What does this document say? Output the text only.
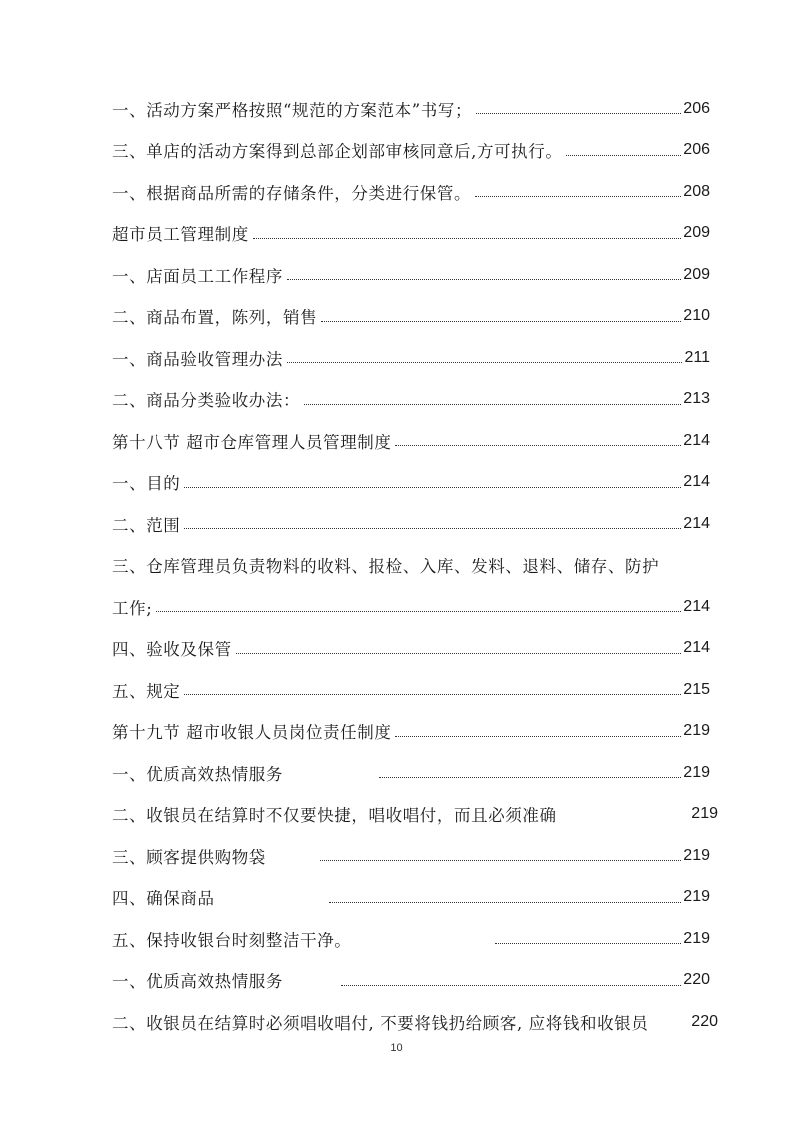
一、活动方案严格按照“规范的方案范本”书写；	206
三、单店的活动方案得到总部企划部审核同意后,方可执行。	206
一、根据商品所需的存储条件，分类进行保管。	208
超市员工管理制度	209
一、店面员工工作程序	209
二、商品布置，陈列，销售	210
一、商品验收管理办法	211
二、商品分类验收办法：	213
第十八节 超市仓库管理人员管理制度	214
一、目的	214
二、范围	214
三、仓库管理员负责物料的收料、报检、入库、发料、退料、储存、防护
工作;	214
四、验收及保管	214
五、规定	215
第十九节 超市收银人员岗位责任制度	219
一、优质高效热情服务	219
二、收银员在结算时不仅要快捷，唱收唱付，而且必须准确	219
三、顾客提供购物袋	219
四、确保商品	219
五、保持收银台时刻整洁干净。	219
一、优质高效热情服务	220
二、收银员在结算时必须唱收唱付, 不要将钱扔给顾客, 应将钱和收银员	220
10
